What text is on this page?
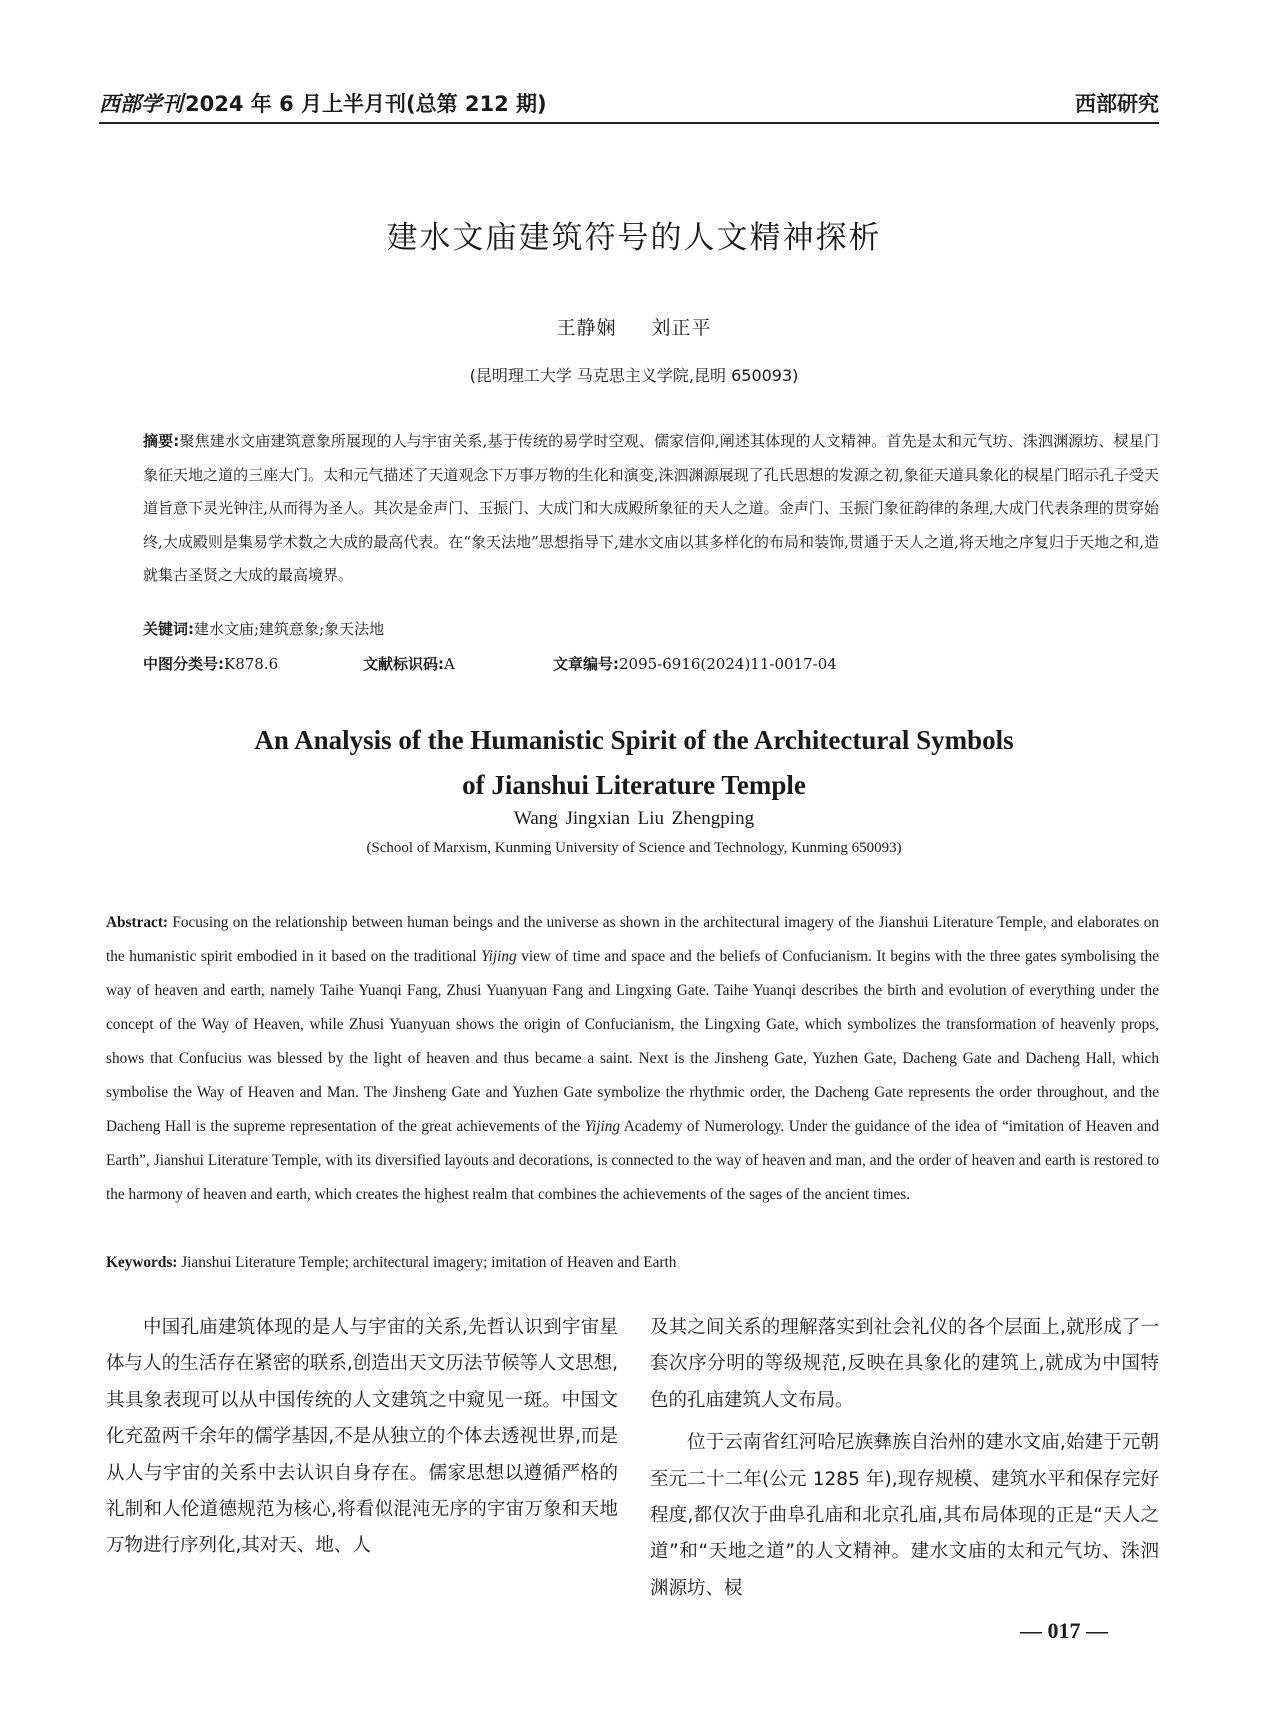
西部学刊2024 年 6 月上半月刊(总第 212 期)	西部研究
建水文庙建筑符号的人文精神探析
王静娴 刘正平
(昆明理工大学 马克思主义学院,昆明 650093)
摘要:聚焦建水文庙建筑意象所展现的人与宇宙关系,基于传统的易学时空观、儒家信仰,阐述其体现的人文精神。首先是太和元气坊、洙泗渊源坊、棂星门象征天地之道的三座大门。太和元气描述了天道观念下万事万物的生化和演变,洙泗渊源展现了孔氏思想的发源之初,象征天道具象化的棂星门昭示孔子受天道旨意下灵光钟注,从而得为圣人。其次是金声门、玉振门、大成门和大成殿所象征的天人之道。金声门、玉振门象征韵律的条理,大成门代表条理的贯穿始终,大成殿则是集易学术数之大成的最高代表。在“象天法地”思想指导下,建水文庙以其多样化的布局和装饰,贯通于天人之道,将天地之序复归于天地之和,造就集古圣贤之大成的最高境界。
关键词:建水文庙;建筑意象;象天法地
中图分类号:K878.6	文献标识码:A	文章编号:2095-6916(2024)11-0017-04
An Analysis of the Humanistic Spirit of the Architectural Symbols
of Jianshui Literature Temple
Wang Jingxian Liu Zhengping
(School of Marxism, Kunming University of Science and Technology, Kunming 650093)
Abstract: Focusing on the relationship between human beings and the universe as shown in the architectural imagery of the Jianshui Literature Temple, and elaborates on the humanistic spirit embodied in it based on the traditional Yijing view of time and space and the beliefs of Confucianism. It begins with the three gates symbolising the way of heaven and earth, namely Taihe Yuanqi Fang, Zhusi Yuanyuan Fang and Lingxing Gate. Taihe Yuanqi describes the birth and evolution of everything under the concept of the Way of Heaven, while Zhusi Yuanyuan shows the origin of Confucianism, the Lingxing Gate, which symbolizes the transformation of heavenly props, shows that Confucius was blessed by the light of heaven and thus became a saint. Next is the Jinsheng Gate, Yuzhen Gate, Dacheng Gate and Dacheng Hall, which symbolise the Way of Heaven and Man. The Jinsheng Gate and Yuzhen Gate symbolize the rhythmic order, the Dacheng Gate represents the order throughout, and the Dacheng Hall is the supreme representation of the great achievements of the Yijing Academy of Numerology. Under the guidance of the idea of “imitation of Heaven and Earth”, Jianshui Literature Temple, with its diversified layouts and decorations, is connected to the way of heaven and man, and the order of heaven and earth is restored to the harmony of heaven and earth, which creates the highest realm that combines the achievements of the sages of the ancient times.
Keywords: Jianshui Literature Temple; architectural imagery; imitation of Heaven and Earth

中国孔庙建筑体现的是人与宇宙的关系,先哲认识到宇宙星体与人的生活存在紧密的联系,创造出天文历法节候等人文思想,其具象表现可以从中国传统的人文建筑之中窥见一斑。中国文化充盈两千余年的儒学基因,不是从独立的个体去透视世界,而是从人与宇宙的关系中去认识自身存在。儒家思想以遵循严格的礼制和人伦道德规范为核心,将看似混沌无序的宇宙万象和天地万物进行序列化,其对天、地、人

及其之间关系的理解落实到社会礼仪的各个层面上,就形成了一套次序分明的等级规范,反映在具象化的建筑上,就成为中国特色的孔庙建筑人文布局。

位于云南省红河哈尼族彝族自治州的建水文庙,始建于元朝至元二十二年(公元 1285 年),现存规模、建筑水平和保存完好程度,都仅次于曲阜孔庙和北京孔庙,其布局体现的正是“天人之道”和“天地之道”的人文精神。建水文庙的太和元气坊、洙泗渊源坊、棂

— 017 —
